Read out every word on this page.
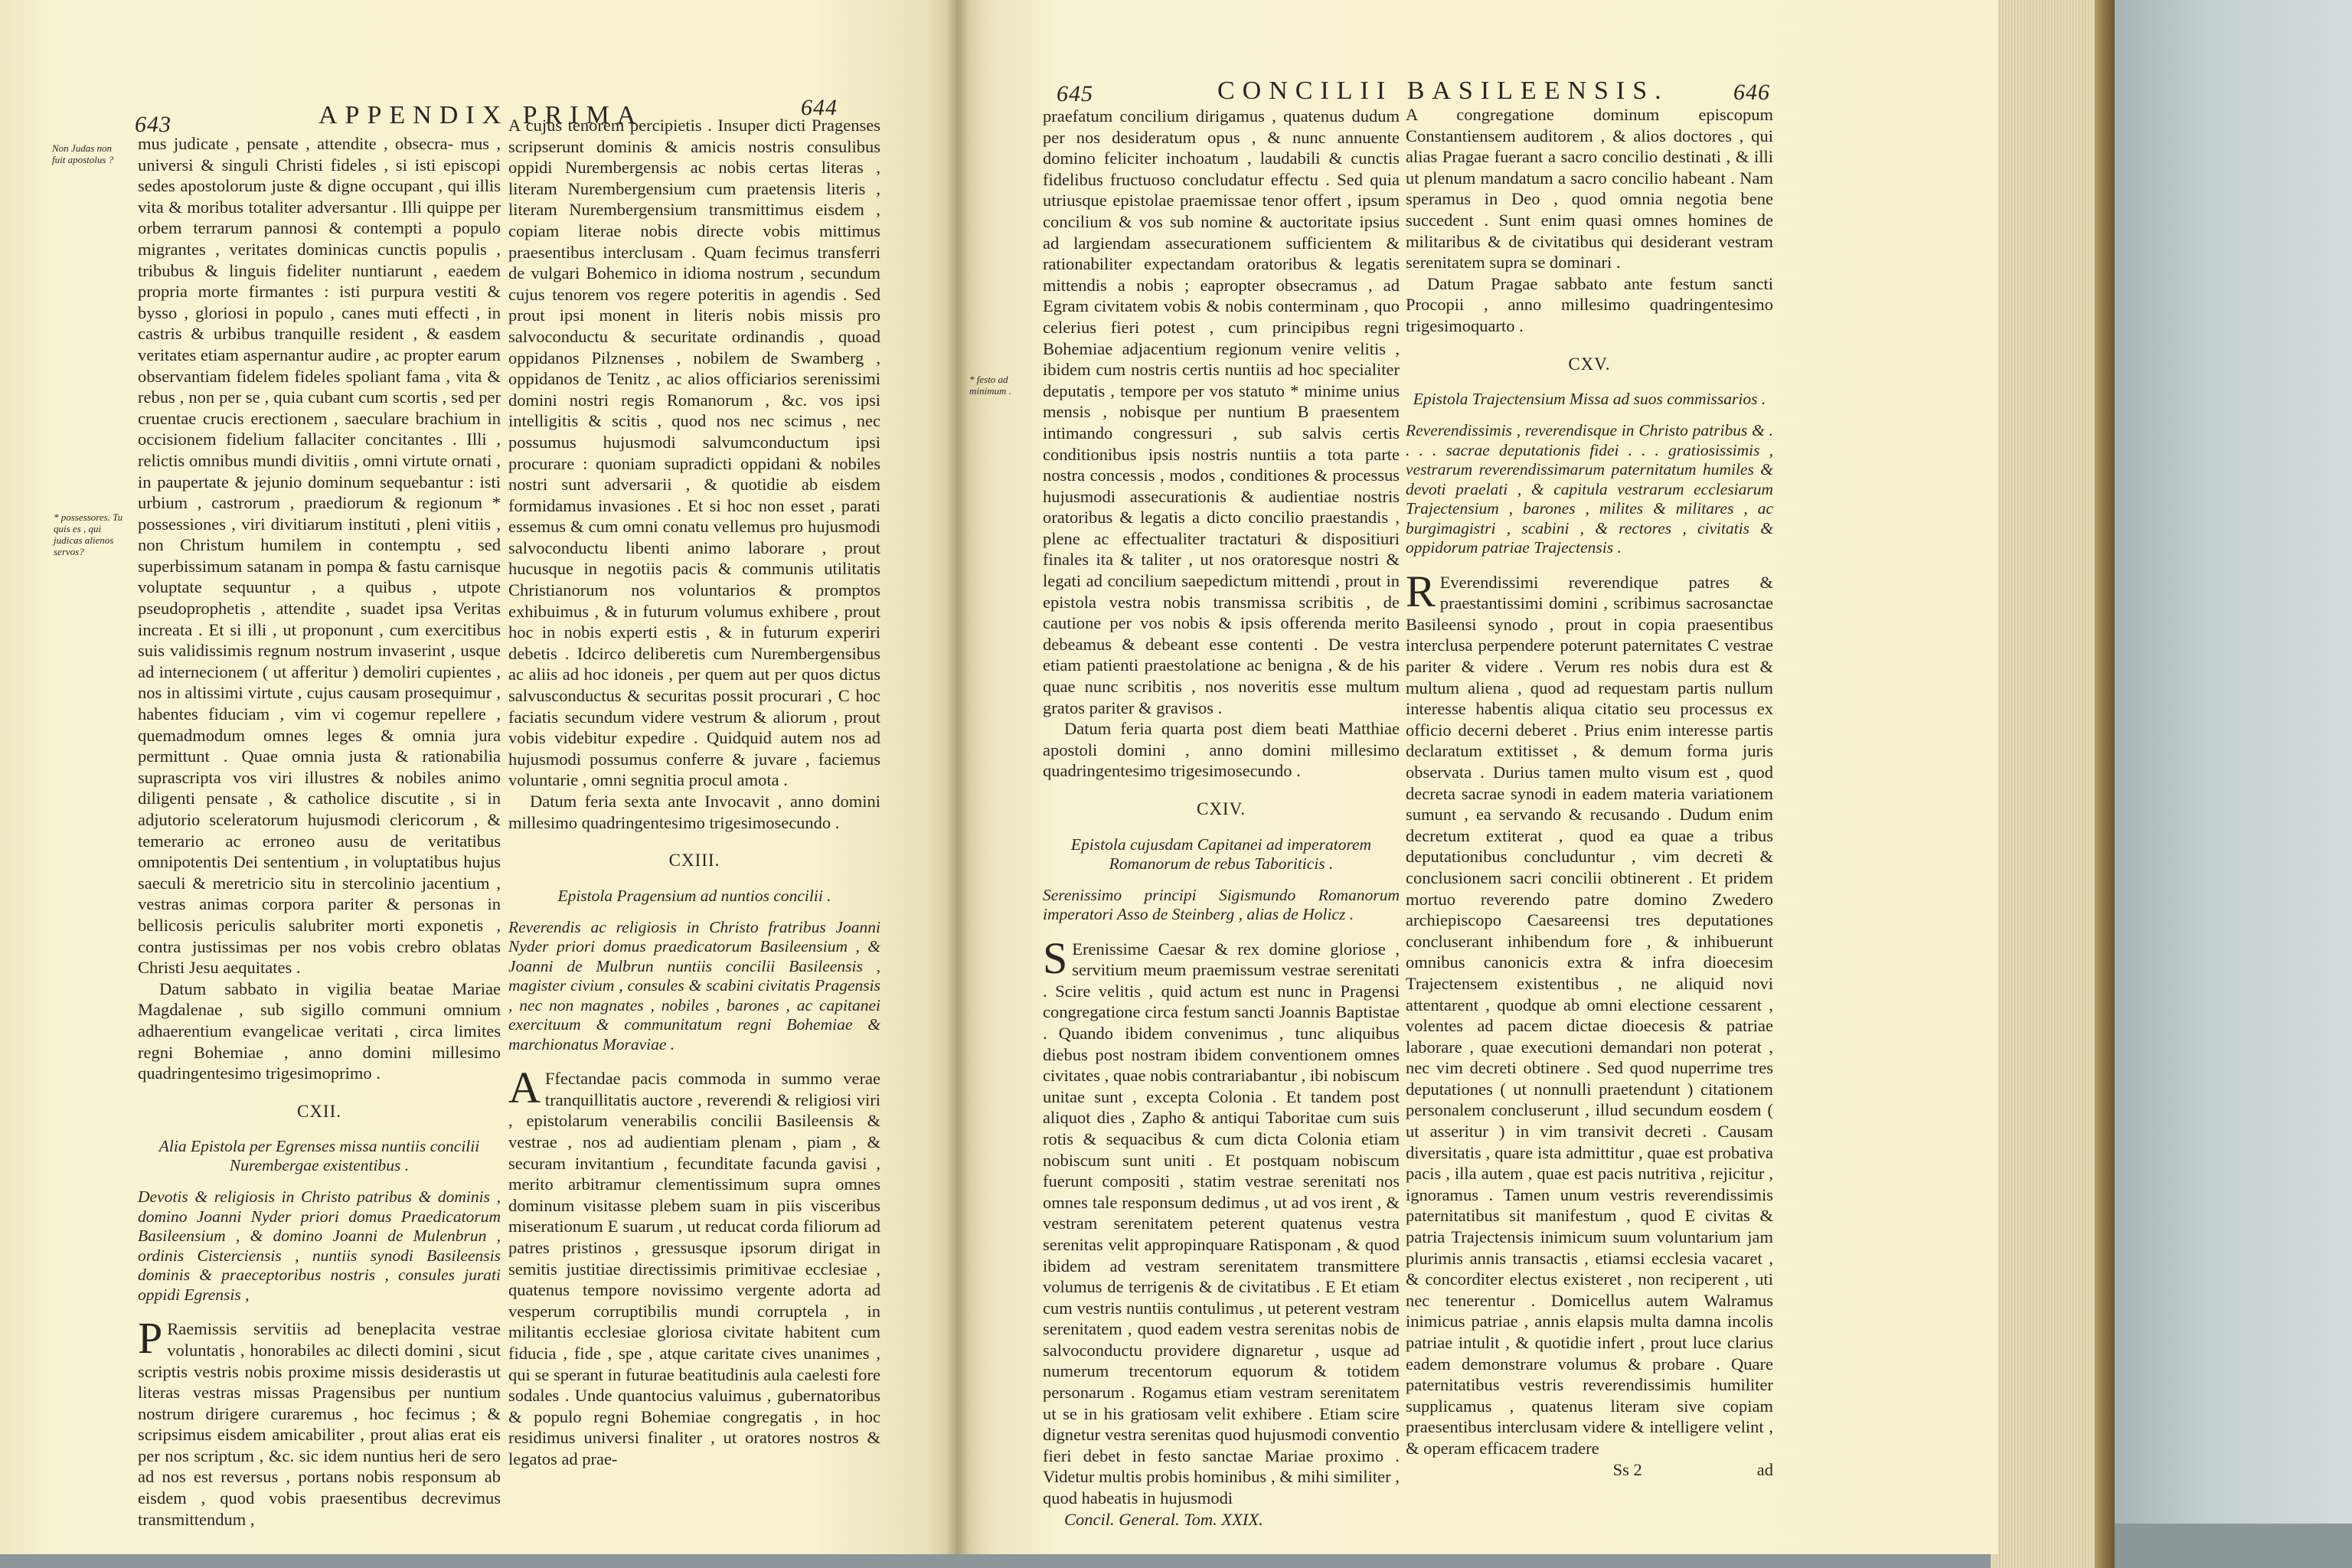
643	APPENDIX PRIMA	644
Non Judas non fuit apostolus ?
* possessores. Tu quis es , qui judicas alienos servos?

mus judicate , pensate , attendite , obsecra- mus , universi & singuli Christi fideles , si isti episcopi sedes apostolorum juste & digne occupant , qui illis vita & moribus totaliter adversantur . Illi quippe per orbem terrarum pannosi & contempti a populo migrantes , veritates dominicas cunctis populis , tribubus & linguis fideliter nuntiarunt , eaedem propria morte firmantes : isti purpura vestiti & bysso , gloriosi in populo , canes muti effecti , in castris & urbibus tranquille resident , & easdem veritates etiam aspernantur audire , ac propter earum observantiam fidelem fideles spoliant fama , vita & rebus , non per se , quia cubant cum scortis , sed per cruentae crucis erectionem , saeculare brachium in occisionem fidelium fallaciter concitantes . Illi , relictis omnibus mundi divitiis , omni virtute ornati , in paupertate & jejunio dominum sequebantur : isti urbium , castrorum , praediorum & regionum * possessiones , viri divitiarum instituti , pleni vitiis , non Christum humilem in contemptu , sed superbissimum satanam in pompa & fastu carnisque voluptate sequuntur , a quibus , utpote pseudoprophetis , attendite , suadet ipsa Veritas increata . Et si illi , ut proponunt , cum exercitibus suis validissimis regnum nostrum invaserint , usque ad internecionem ( ut afferitur ) demoliri cupientes , nos in altissimi virtute , cujus causam prosequimur , habentes fiduciam , vim vi cogemur repellere , quemadmodum omnes leges & omnia jura permittunt . Quae omnia justa & rationabilia suprascripta vos viri illustres & nobiles animo diligenti pensate , & catholice discutite , si in adjutorio sceleratorum hujusmodi clericorum , & temerario ac erroneo ausu de veritatibus omnipotentis Dei sententium , in voluptatibus hujus saeculi & meretricio situ in stercolinio jacentium , vestras animas corpora pariter & personas in bellicosis periculis salubriter morti exponetis , contra justissimas per nos vobis crebro oblatas Christi Jesu aequitates .

Datum sabbato in vigilia beatae Mariae Magdalenae , sub sigillo communi omnium adhaerentium evangelicae veritati , circa limites regni Bohemiae , anno domini millesimo quadringentesimo trigesimoprimo .

CXII.
Alia Epistola per Egrenses missa nuntiis concilii Nurembergae existentibus .
Devotis & religiosis in Christo patribus & dominis , domino Joanni Nyder priori domus Praedicatorum Basileensium , & domino Joanni de Mulenbrun , ordinis Cisterciensis , nuntiis synodi Basileensis dominis & praeceptoribus nostris , consules jurati oppidi Egrensis ,

P Raemissis servitiis ad beneplacita vestrae voluntatis , honorabiles ac dilecti domini , sicut scriptis vestris nobis proxime missis desiderastis ut literas vestras missas Pragensibus per nuntium nostrum dirigere curaremus , hoc fecimus ; & scripsimus eisdem amicabiliter , prout alias erat eis per nos scriptum , &c. sic idem nuntius heri de sero ad nos est reversus , portans nobis responsum ab eisdem , quod vobis praesentibus decrevimus transmittendum ,

A cujus tenorem percipietis . Insuper dicti Pragenses scripserunt dominis & amicis nostris consulibus oppidi Nurembergensis ac nobis certas literas , literam Nurembergensium cum praetensis literis , literam Nurembergensium transmittimus eisdem , copiam literae nobis directe vobis mittimus praesentibus interclusam . Quam fecimus transferri de vulgari Bohemico in idioma nostrum , secundum cujus tenorem vos regere poteritis in agendis . Sed prout ipsi monent in literis nobis missis pro salvoconductu & securitate ordinandis , quoad oppidanos Pilznenses , nobilem de Swamberg , oppidanos de Tenitz , ac alios officiarios serenissimi domini nostri regis Romanorum , &c. vos ipsi intelligitis & scitis , quod nos nec scimus , nec possumus hujusmodi salvumconductum ipsi procurare : quoniam supradicti oppidani & nobiles nostri sunt adversarii , & quotidie ab eisdem formidamus invasiones . Et si hoc non esset , parati essemus & cum omni conatu vellemus pro hujusmodi salvoconductu libenti animo laborare , prout hucusque in negotiis pacis & communis utilitatis Christianorum nos voluntarios & promptos exhibuimus , & in futurum volumus exhibere , prout hoc in nobis experti estis , & in futurum experiri debetis . Idcirco deliberetis cum Nurembergensibus ac aliis ad hoc idoneis , per quem aut per quos dictus salvusconductus & securitas possit procurari , C hoc faciatis secundum videre vestrum & aliorum , prout vobis videbitur expedire . Quidquid autem nos ad hujusmodi possumus conferre & juvare , faciemus voluntarie , omni segnitia procul amota .

Datum feria sexta ante Invocavit , anno domini millesimo quadringentesimo trigesimosecundo .

CXIII.
Epistola Pragensium ad nuntios concilii .
Reverendis ac religiosis in Christo fratribus Joanni Nyder priori domus praedicatorum Basileensium , & Joanni de Mulbrun nuntiis concilii Basileensis , magister civium , consules & scabini civitatis Pragensis , nec non magnates , nobiles , barones , ac capitanei exercituum & communitatum regni Bohemiae & marchionatus Moraviae .

A Ffectandae pacis commoda in summo verae tranquillitatis auctore , reverendi & religiosi viri , epistolarum venerabilis concilii Basileensis & vestrae , nos ad audientiam plenam , piam , & securam invitantium , fecunditate facunda gavisi , merito arbitramur clementissimum supra omnes dominum visitasse plebem suam in piis visceribus miserationum E suarum , ut reducat corda filiorum ad patres pristinos , gressusque ipsorum dirigat in semitis justitiae directissimis primitivae ecclesiae , quatenus tempore novissimo vergente adorta ad vesperum corruptibilis mundi corruptela , in militantis ecclesiae gloriosa civitate habitent cum fiducia , fide , spe , atque caritate cives unanimes , qui se sperant in futurae beatitudinis aula caelesti fore sodales . Unde quantocius valuimus , gubernatoribus & populo regni Bohemiae congregatis , in hoc residimus universi finaliter , ut oratores nostros & legatos ad prae-

645	CONCILII BASILEENSIS.	646
* festo ad minimum .

praefatum concilium dirigamus , quatenus dudum per nos desideratum opus , & nunc annuente domino feliciter inchoatum , laudabili & cunctis fidelibus fructuoso concludatur effectu . Sed quia utriusque epistolae praemissae tenor offert , ipsum concilium & vos sub nomine & auctoritate ipsius ad largiendam assecurationem sufficientem & rationabiliter expectandam oratoribus & legatis mittendis a nobis ; eapropter obsecramus , ad Egram civitatem vobis & nobis conterminam , quo celerius fieri potest , cum principibus regni Bohemiae adjacentium regionum venire velitis , ibidem cum nostris certis nuntiis ad hoc specialiter deputatis , tempore per vos statuto * minime unius mensis , nobisque per nuntium B praesentem intimando congressuri , sub salvis certis conditionibus ipsis nostris nuntiis a tota parte nostra concessis , modos , conditiones & processus hujusmodi assecurationis & audientiae nostris oratoribus & legatis a dicto concilio praestandis , plene ac effectualiter tractaturi & dispositiuri finales ita & taliter , ut nos oratoresque nostri & legati ad concilium saepedictum mittendi , prout in epistola vestra nobis transmissa scribitis , de cautione per vos nobis & ipsis offerenda merito debeamus & debeant esse contenti . De vestra etiam patienti praestolatione ac benigna , & de his quae nunc scribitis , nos noveritis esse multum gratos pariter & gravisos .

Datum feria quarta post diem beati Matthiae apostoli domini , anno domini millesimo quadringentesimo trigesimosecundo .

CXIV.
Epistola cujusdam Capitanei ad imperatorem Romanorum de rebus Taboriticis .
Serenissimo principi Sigismundo Romanorum imperatori Asso de Steinberg , alias de Holicz .

S Erenissime Caesar & rex domine gloriose , servitium meum praemissum vestrae serenitati . Scire velitis , quid actum est nunc in Pragensi congregatione circa festum sancti Joannis Baptistae . Quando ibidem convenimus , tunc aliquibus diebus post nostram ibidem conventionem omnes civitates , quae nobis contrariabantur , ibi nobiscum unitae sunt , excepta Colonia . Et tandem post aliquot dies , Zapho & antiqui Taboritae cum suis rotis & sequacibus & cum dicta Colonia etiam nobiscum sunt uniti . Et postquam nobiscum fuerunt compositi , statim vestrae serenitati nos omnes tale responsum dedimus , ut ad vos irent , & vestram serenitatem peterent quatenus vestra serenitas velit appropinquare Ratisponam , & quod ibidem ad vestram serenitatem transmittere volumus de terrigenis & de civitatibus . E Et etiam cum vestris nuntiis contulimus , ut peterent vestram serenitatem , quod eadem vestra serenitas nobis de salvoconductu providere dignaretur , usque ad numerum trecentorum equorum & totidem personarum . Rogamus etiam vestram serenitatem ut se in his gratiosam velit exhibere . Etiam scire dignetur vestra serenitas quod hujusmodi conventio fieri debet in festo sanctae Mariae proximo . Videtur multis probis hominibus , & mihi similiter , quod habeatis in hujusmodi

Concil. General. Tom. XXIX.

A congregatione dominum episcopum Constantiensem auditorem , & alios doctores , qui alias Pragae fuerant a sacro concilio destinati , & illi ut plenum mandatum a sacro concilio habeant . Nam speramus in Deo , quod omnia negotia bene succedent . Sunt enim quasi omnes homines de militaribus & de civitatibus qui desiderant vestram serenitatem supra se dominari .

Datum Pragae sabbato ante festum sancti Procopii , anno millesimo quadringentesimo trigesimoquarto .

CXV.
Epistola Trajectensium Missa ad suos commissarios .
Reverendissimis , reverendisque in Christo patribus & . . . . sacrae deputationis fidei . . . gratiosissimis , vestrarum reverendissimarum paternitatum humiles & devoti praelati , & capitula vestrarum ecclesiarum Trajectensium , barones , milites & militares , ac burgimagistri , scabini , & rectores , civitatis & oppidorum patriae Trajectensis .

R Everendissimi reverendique patres & praestantissimi domini , scribimus sacrosanctae Basileensi synodo , prout in copia praesentibus interclusa perpendere poterunt paternitates C vestrae pariter & videre . Verum res nobis dura est & multum aliena , quod ad requestam partis nullum interesse habentis aliqua citatio seu processus ex officio decerni deberet . Prius enim interesse partis declaratum extitisset , & demum forma juris observata . Durius tamen multo visum est , quod decreta sacrae synodi in eadem materia variationem sumunt , ea servando & recusando . Dudum enim decretum extiterat , quod ea quae a tribus deputationibus concluduntur , vim decreti & conclusionem sacri concilii obtinerent . Et pridem mortuo reverendo patre domino Zwedero archiepiscopo Caesareensi tres deputationes concluserant inhibendum fore , & inhibuerunt omnibus canonicis extra & infra dioecesim Trajectensem existentibus , ne aliquid novi attentarent , quodque ab omni electione cessarent , volentes ad pacem dictae dioecesis & patriae laborare , quae executioni demandari non poterat , nec vim decreti obtinere . Sed quod nuperrime tres deputationes ( ut nonnulli praetendunt ) citationem personalem concluserunt , illud secundum eosdem ( ut asseritur ) in vim transivit decreti . Causam diversitatis , quare ista admittitur , quae est probativa pacis , illa autem , quae est pacis nutritiva , rejicitur , ignoramus . Tamen unum vestris reverendissimis paternitatibus sit manifestum , quod E civitas & patria Trajectensis inimicum suum voluntarium jam plurimis annis transactis , etiamsi ecclesia vacaret , & concorditer electus existeret , non reciperent , uti nec tenerentur . Domicellus autem Walramus inimicus patriae , annis elapsis multa damna incolis patriae intulit , & quotidie infert , prout luce clarius eadem demonstrare volumus & probare . Quare paternitatibus vestris reverendissimis humiliter supplicamus , quatenus literam sive copiam praesentibus interclusam videre & intelligere velint , & operam efficacem tradere

Ss 2	ad
